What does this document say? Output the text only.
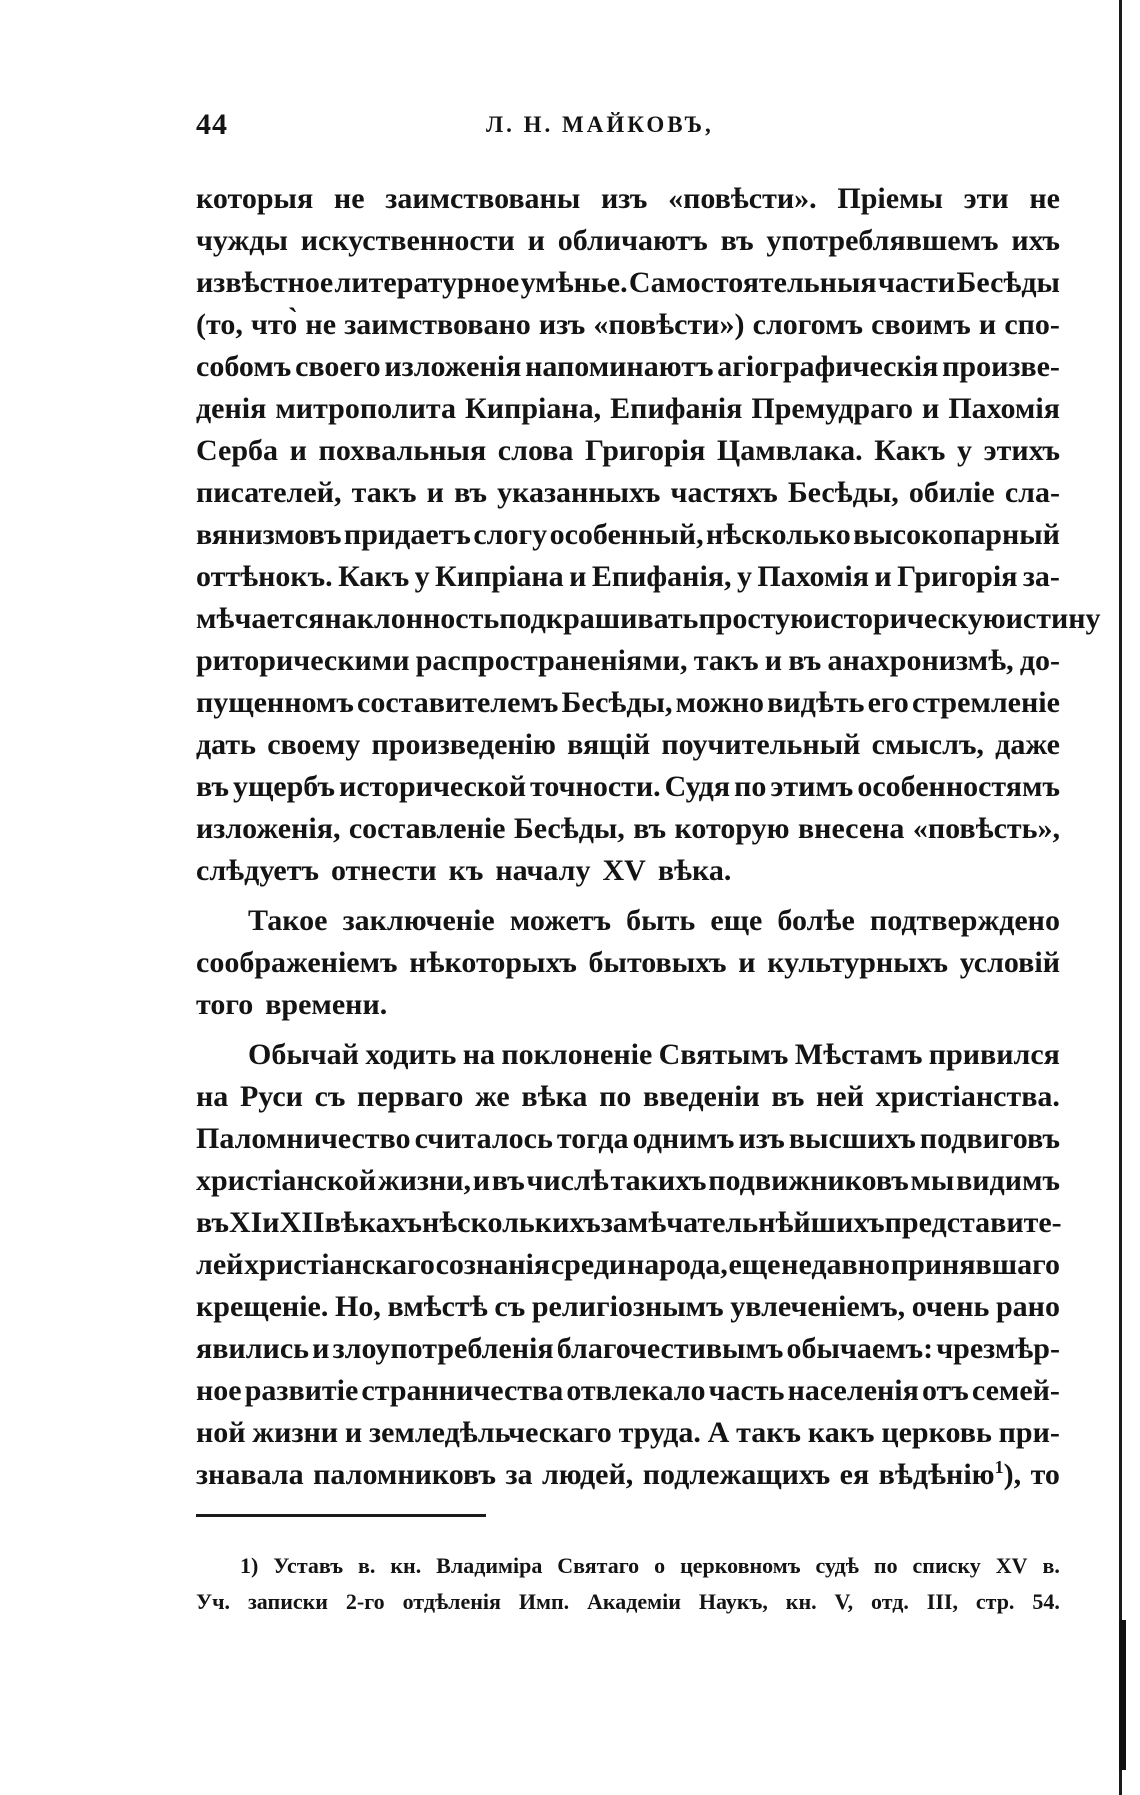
44	Л. Н. МАЙКОВЪ,
которыя не заимствованы изъ «повѣсти». Пріемы эти не
чужды искуственности и обличаютъ въ употреблявшемъ ихъ
извѣстное литературное умѣнье. Самостоятельныя части Бесѣды
(то, что̀ не заимствовано изъ «повѣсти») слогомъ своимъ и спо-
собомъ своего изложенія напоминаютъ агіографическія произве-
денія митрополита Кипріана, Епифанія Премудраго и Пахомія
Серба и похвальныя слова Григорія Цамвлака. Какъ у этихъ
писателей, такъ и въ указанныхъ частяхъ Бесѣды, обиліе сла-
вянизмовъ придаетъ слогу особенный, нѣсколько высокопарный
оттѣнокъ. Какъ у Кипріана и Епифанія, у Пахомія и Григорія за-
мѣчается наклонность подкрашивать простую историческую истину
риторическими распространеніями, такъ и въ анахронизмѣ, до-
пущенномъ составителемъ Бесѣды, можно видѣть его стремленіе
дать своему произведенію вящій поучительный смыслъ, даже
въ ущербъ исторической точности. Судя по этимъ особенностямъ
изложенія, составленіе Бесѣды, въ которую внесена «повѣсть»,
слѣдуетъ отнести къ началу XV вѣка.
Такое заключеніе можетъ быть еще болѣе подтверждено
соображеніемъ нѣкоторыхъ бытовыхъ и культурныхъ условій
того времени.
Обычай ходить на поклоненіе Святымъ Мѣстамъ привился
на Руси съ перваго же вѣка по введеніи въ ней христіанства.
Паломничество считалось тогда однимъ изъ высшихъ подвиговъ
христіанской жизни, и въ числѣ такихъ подвижниковъ мы видимъ
въ XI и XII вѣкахъ нѣсколькихъ замѣчательнѣйшихъ представите-
лей христіанскаго сознанія среди народа, еще недавно принявшаго
крещеніе. Но, вмѣстѣ съ религіознымъ увлеченіемъ, очень рано
явились и злоупотребленія благочестивымъ обычаемъ: чрезмѣр-
ное развитіе странничества отвлекало часть населенія отъ семей-
ной жизни и земледѣльческаго труда. А такъ какъ церковь при-
знавала паломниковъ за людей, подлежащихъ ея вѣдѣнію$^1$), то
1) Уставъ в. кн. Владиміра Святаго о церковномъ судѣ по списку XV в.
Уч. записки 2-го отдѣленія Имп. Академіи Наукъ, кн. V, отд. III, стр. 54.
